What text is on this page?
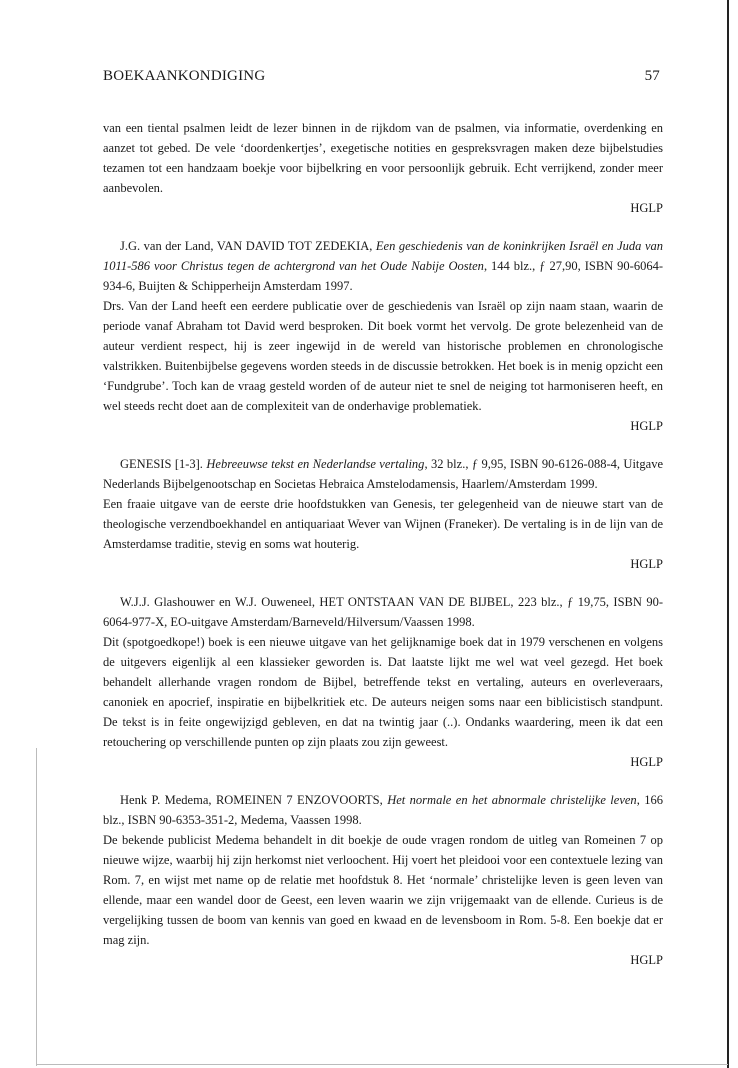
BOEKAANKONDIGING	57

van een tiental psalmen leidt de lezer binnen in de rijkdom van de psalmen, via informatie, overdenking en aanzet tot gebed. De vele ‘doordenkertjes’, exegetische notities en gespreksvragen maken deze bijbelstudies tezamen tot een handzaam boekje voor bijbelkring en voor persoonlijk gebruik. Echt verrijkend, zonder meer aanbevolen.

HGLP

J.G. van der Land, VAN DAVID TOT ZEDEKIA, Een geschiedenis van de koninkrijken Israël en Juda van 1011-586 voor Christus tegen de achtergrond van het Oude Nabije Oosten, 144 blz., ƒ 27,90, ISBN 90-6064-934-6, Buijten & Schipperheijn Amsterdam 1997.

Drs. Van der Land heeft een eerdere publicatie over de geschiedenis van Israël op zijn naam staan, waarin de periode vanaf Abraham tot David werd besproken. Dit boek vormt het vervolg. De grote belezenheid van de auteur verdient respect, hij is zeer ingewijd in de wereld van historische problemen en chronologische valstrikken. Buitenbijbelse gegevens worden steeds in de discussie betrokken. Het boek is in menig opzicht een ‘Fundgrube’. Toch kan de vraag gesteld worden of de auteur niet te snel de neiging tot harmoniseren heeft, en wel steeds recht doet aan de complexiteit van de onderhavige problematiek.

HGLP

GENESIS [1-3]. Hebreeuwse tekst en Nederlandse vertaling, 32 blz., ƒ 9,95, ISBN 90-6126-088-4, Uitgave Nederlands Bijbelgenootschap en Societas Hebraica Amstelodamensis, Haarlem/Amsterdam 1999.

Een fraaie uitgave van de eerste drie hoofdstukken van Genesis, ter gelegenheid van de nieuwe start van de theologische verzendboekhandel en antiquariaat Wever van Wijnen (Franeker). De vertaling is in de lijn van de Amsterdamse traditie, stevig en soms wat houterig.

HGLP

W.J.J. Glashouwer en W.J. Ouweneel, HET ONTSTAAN VAN DE BIJBEL, 223 blz., ƒ 19,75, ISBN 90-6064-977-X, EO-uitgave Amsterdam/Barneveld/Hilversum/Vaassen 1998.

Dit (spotgoedkope!) boek is een nieuwe uitgave van het gelijknamige boek dat in 1979 verschenen en volgens de uitgevers eigenlijk al een klassieker geworden is. Dat laatste lijkt me wel wat veel gezegd. Het boek behandelt allerhande vragen rondom de Bijbel, betreffende tekst en vertaling, auteurs en overleveraars, canoniek en apocrief, inspiratie en bijbelkritiek etc. De auteurs neigen soms naar een biblicistisch standpunt. De tekst is in feite ongewijzigd gebleven, en dat na twintig jaar (..). Ondanks waardering, meen ik dat een retouchering op verschillende punten op zijn plaats zou zijn geweest.

HGLP

Henk P. Medema, ROMEINEN 7 ENZOVOORTS, Het normale en het abnormale christelijke leven, 166 blz., ISBN 90-6353-351-2, Medema, Vaassen 1998.

De bekende publicist Medema behandelt in dit boekje de oude vragen rondom de uitleg van Romeinen 7 op nieuwe wijze, waarbij hij zijn herkomst niet verloochent. Hij voert het pleidooi voor een contextuele lezing van Rom. 7, en wijst met name op de relatie met hoofdstuk 8. Het ‘normale’ christelijke leven is geen leven van ellende, maar een wandel door de Geest, een leven waarin we zijn vrijgemaakt van de ellende. Curieus is de vergelijking tussen de boom van kennis van goed en kwaad en de levensboom in Rom. 5-8. Een boekje dat er mag zijn.

HGLP
